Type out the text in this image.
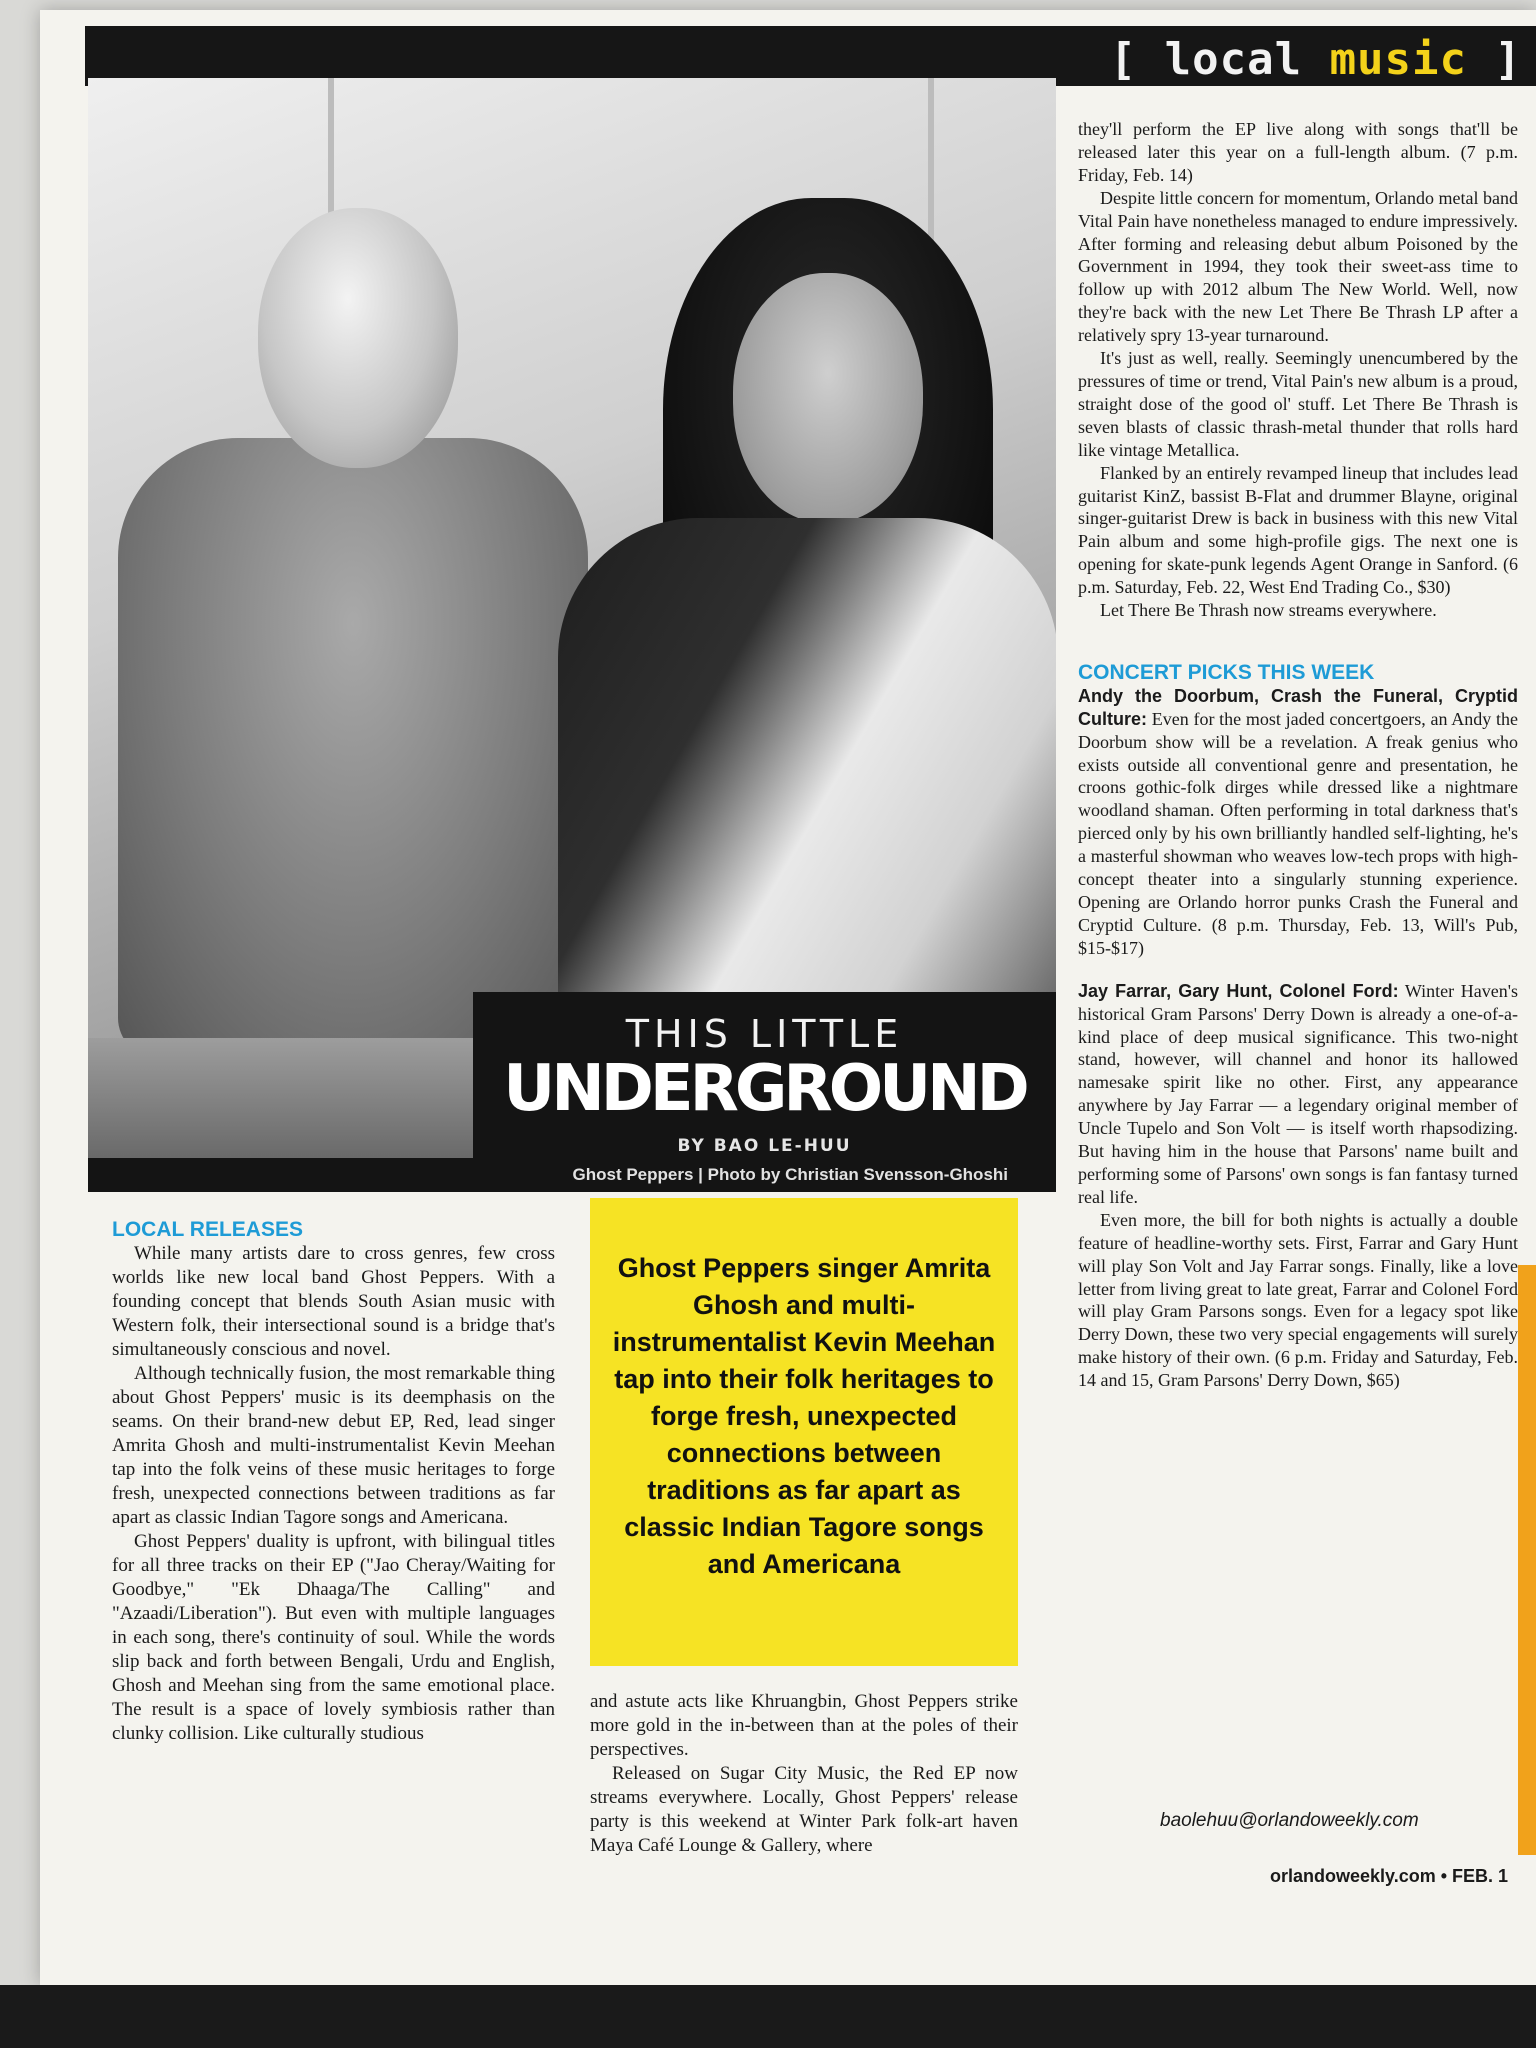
[ local music ]
THIS LITTLE
UNDERGROUND
BY BAO LE-HUU
Ghost Peppers | Photo by Christian Svensson-Ghoshi

LOCAL RELEASES

While many artists dare to cross genres, few cross worlds like new local band Ghost Peppers. With a founding concept that blends South Asian music with Western folk, their intersectional sound is a bridge that's simultaneously conscious and novel.

Although technically fusion, the most remarkable thing about Ghost Peppers' music is its deemphasis on the seams. On their brand-new debut EP, Red, lead singer Amrita Ghosh and multi-instrumentalist Kevin Meehan tap into the folk veins of these music heritages to forge fresh, unexpected connections between traditions as far apart as classic Indian Tagore songs and Americana.

Ghost Peppers' duality is upfront, with bilingual titles for all three tracks on their EP ("Jao Cheray/Waiting for Goodbye," "Ek Dhaaga/The Calling" and "Azaadi/Liberation"). But even with multiple languages in each song, there's continuity of soul. While the words slip back and forth between Bengali, Urdu and English, Ghosh and Meehan sing from the same emotional place. The result is a space of lovely symbiosis rather than clunky collision. Like culturally studious

Ghost Peppers singer Amrita Ghosh and multi-instrumentalist Kevin Meehan tap into their folk heritages to forge fresh, unexpected connections between traditions as far apart as classic Indian Tagore songs and Americana

and astute acts like Khruangbin, Ghost Peppers strike more gold in the in-between than at the poles of their perspectives.

Released on Sugar City Music, the Red EP now streams everywhere. Locally, Ghost Peppers' release party is this weekend at Winter Park folk-art haven Maya Café Lounge & Gallery, where

they'll perform the EP live along with songs that'll be released later this year on a full-length album. (7 p.m. Friday, Feb. 14)

Despite little concern for momentum, Orlando metal band Vital Pain have nonetheless managed to endure impressively. After forming and releasing debut album Poisoned by the Government in 1994, they took their sweet-ass time to follow up with 2012 album The New World. Well, now they're back with the new Let There Be Thrash LP after a relatively spry 13-year turnaround.

It's just as well, really. Seemingly unencumbered by the pressures of time or trend, Vital Pain's new album is a proud, straight dose of the good ol' stuff. Let There Be Thrash is seven blasts of classic thrash-metal thunder that rolls hard like vintage Metallica.

Flanked by an entirely revamped lineup that includes lead guitarist KinZ, bassist B-Flat and drummer Blayne, original singer-guitarist Drew is back in business with this new Vital Pain album and some high-profile gigs. The next one is opening for skate-punk legends Agent Orange in Sanford. (6 p.m. Saturday, Feb. 22, West End Trading Co., $30)

Let There Be Thrash now streams everywhere.

CONCERT PICKS THIS WEEK

Andy the Doorbum, Crash the Funeral, Cryptid Culture: Even for the most jaded concertgoers, an Andy the Doorbum show will be a revelation. A freak genius who exists outside all conventional genre and presentation, he croons gothic-folk dirges while dressed like a nightmare woodland shaman. Often performing in total darkness that's pierced only by his own brilliantly handled self-lighting, he's a masterful showman who weaves low-tech props with high-concept theater into a singularly stunning experience. Opening are Orlando horror punks Crash the Funeral and Cryptid Culture. (8 p.m. Thursday, Feb. 13, Will's Pub, $15-$17)

Jay Farrar, Gary Hunt, Colonel Ford: Winter Haven's historical Gram Parsons' Derry Down is already a one-of-a-kind place of deep musical significance. This two-night stand, however, will channel and honor its hallowed namesake spirit like no other. First, any appearance anywhere by Jay Farrar — a legendary original member of Uncle Tupelo and Son Volt — is itself worth rhapsodizing. But having him in the house that Parsons' name built and performing some of Parsons' own songs is fan fantasy turned real life.

Even more, the bill for both nights is actually a double feature of headline-worthy sets. First, Farrar and Gary Hunt will play Son Volt and Jay Farrar songs. Finally, like a love letter from living great to late great, Farrar and Colonel Ford will play Gram Parsons songs. Even for a legacy spot like Derry Down, these two very special engagements will surely make history of their own. (6 p.m. Friday and Saturday, Feb. 14 and 15, Gram Parsons' Derry Down, $65)

baolehuu@orlandoweekly.com
orlandoweekly.com • FEB. 1
